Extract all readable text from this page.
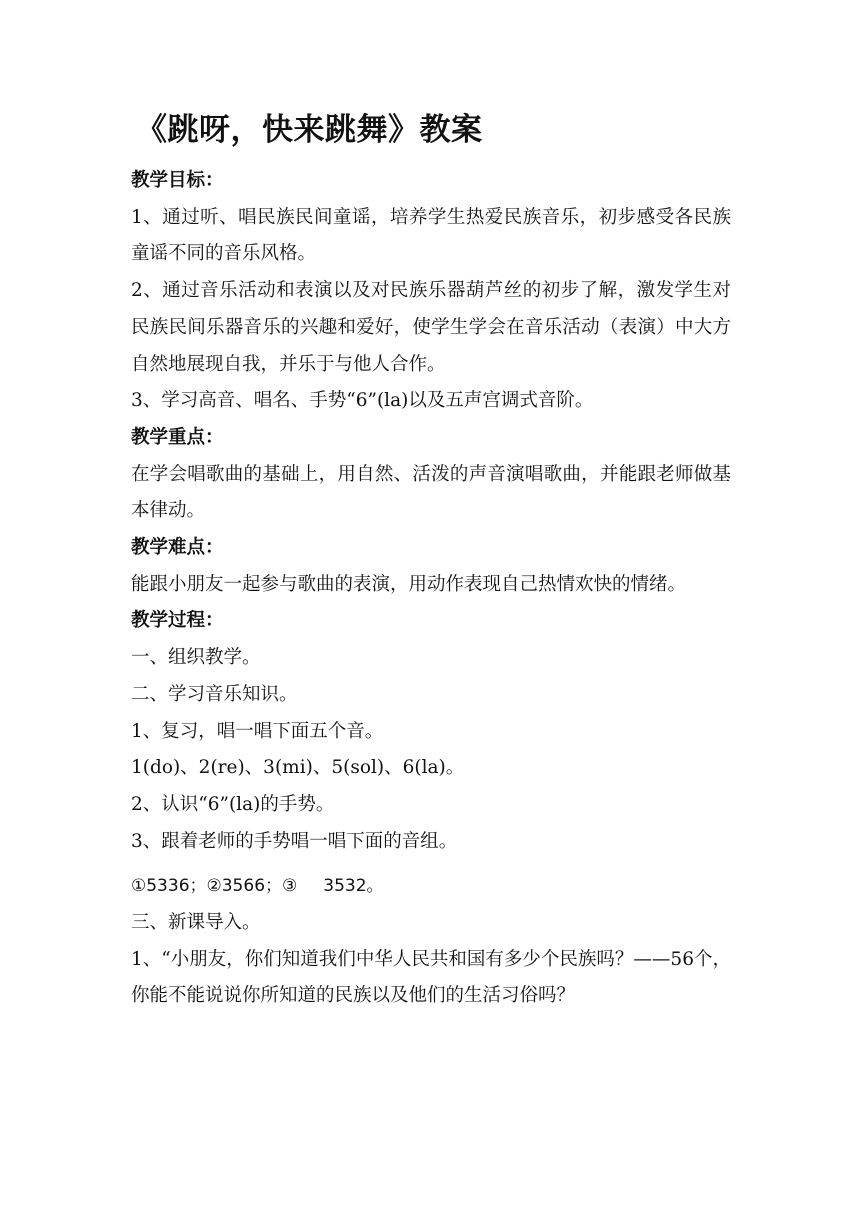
《跳呀，快来跳舞》教案

教学目标：

1、通过听、唱民族民间童谣，培养学生热爱民族音乐，初步感受各民族童谣不同的音乐风格。

2、通过音乐活动和表演以及对民族乐器葫芦丝的初步了解，激发学生对民族民间乐器音乐的兴趣和爱好，使学生学会在音乐活动（表演）中大方自然地展现自我，并乐于与他人合作。

3、学习高音、唱名、手势“6”(la)以及五声宫调式音阶。

教学重点：

在学会唱歌曲的基础上，用自然、活泼的声音演唱歌曲，并能跟老师做基本律动。

教学难点：

能跟小朋友一起参与歌曲的表演，用动作表现自己热情欢快的情绪。

教学过程：

一、组织教学。

二、学习音乐知识。

1、复习，唱一唱下面五个音。

1(do)、2(re)、3(mi)、5(sol)、6(la)。

2、认识“6”(la)的手势。

3、跟着老师的手势唱一唱下面的音组。

①5336；②3566；③ 3532。

三、新课导入。

1、“小朋友，你们知道我们中华人民共和国有多少个民族吗？——56个，你能不能说说你所知道的民族以及他们的生活习俗吗？
